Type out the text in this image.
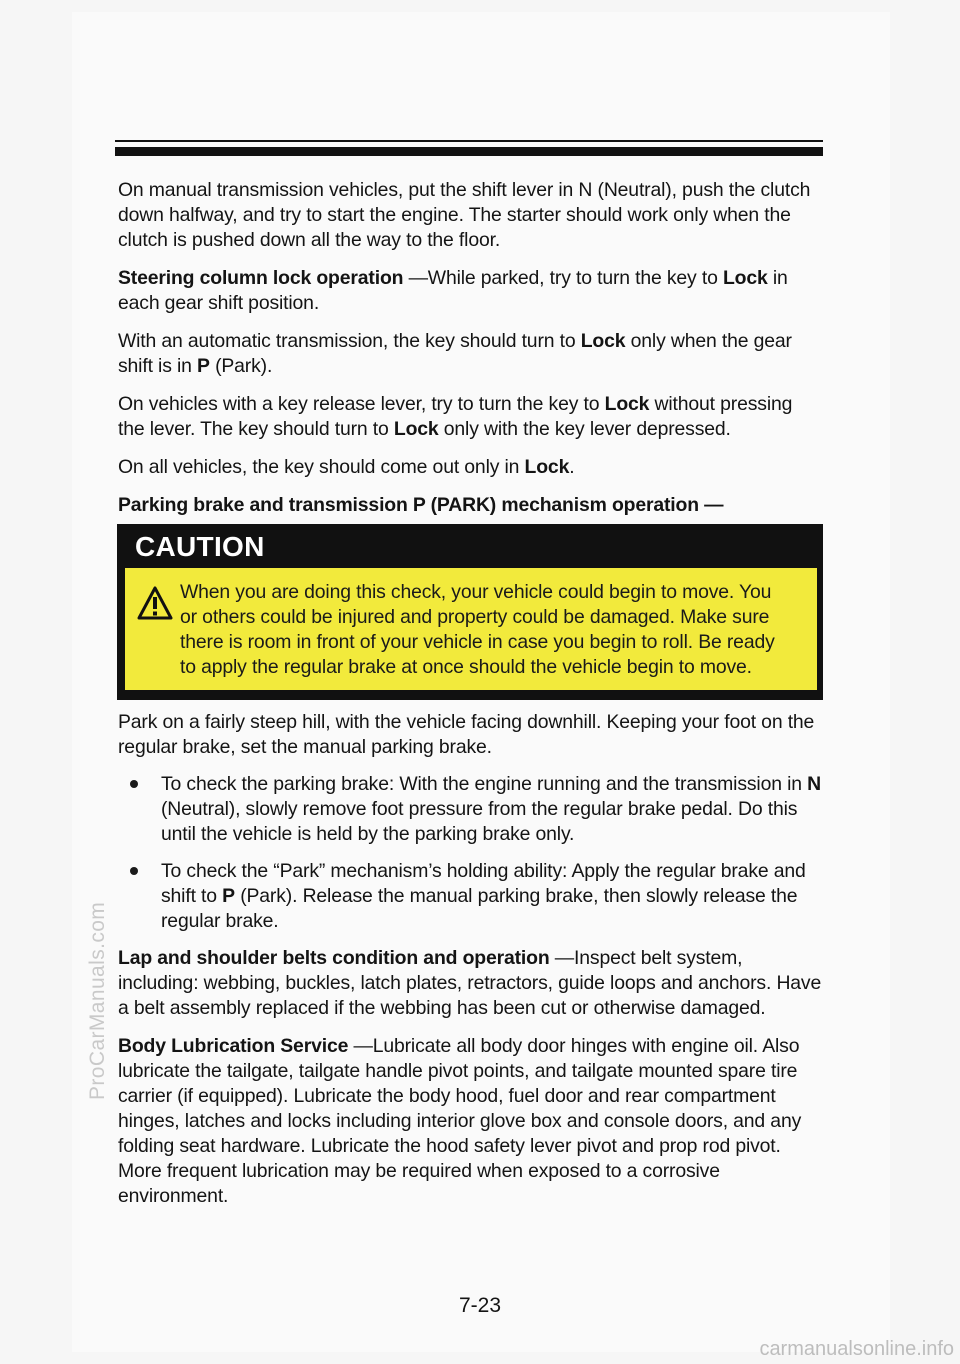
On manual transmission vehicles, put the shift lever in N (Neutral), push the clutch down halfway, and try to start the engine. The starter should work only when the clutch is pushed down all the way to the floor.

Steering column lock operation —While parked, try to turn the key to Lock in each gear shift position.

With an automatic transmission, the key should turn to Lock only when the gear shift is in P (Park).

On vehicles with a key release lever, try to turn the key to Lock without pressing the lever. The key should turn to Lock only with the key lever depressed.

On all vehicles, the key should come out only in Lock.

Parking brake and transmission P (PARK) mechanism operation —

CAUTION
When you are doing this check, your vehicle could begin to move. You or others could be injured and property could be damaged. Make sure there is room in front of your vehicle in case you begin to roll. Be ready to apply the regular brake at once should the vehicle begin to move.

Park on a fairly steep hill, with the vehicle facing downhill. Keeping your foot on the regular brake, set the manual parking brake.

To check the parking brake: With the engine running and the transmission in N (Neutral), slowly remove foot pressure from the regular brake pedal. Do this until the vehicle is held by the parking brake only.
To check the “Park” mechanism’s holding ability: Apply the regular brake and shift to P (Park). Release the manual parking brake, then slowly release the regular brake.

Lap and shoulder belts condition and operation —Inspect belt system, including: webbing, buckles, latch plates, retractors, guide loops and anchors. Have a belt assembly replaced if the webbing has been cut or otherwise damaged.

Body Lubrication Service —Lubricate all body door hinges with engine oil. Also lubricate the tailgate, tailgate handle pivot points, and tailgate mounted spare tire carrier (if equipped). Lubricate the body hood, fuel door and rear compartment hinges, latches and locks including interior glove box and console doors, and any folding seat hardware. Lubricate the hood safety lever pivot and prop rod pivot. More frequent lubrication may be required when exposed to a corrosive environment.

7-23
ProCarManuals.com
carmanualsonline.info
